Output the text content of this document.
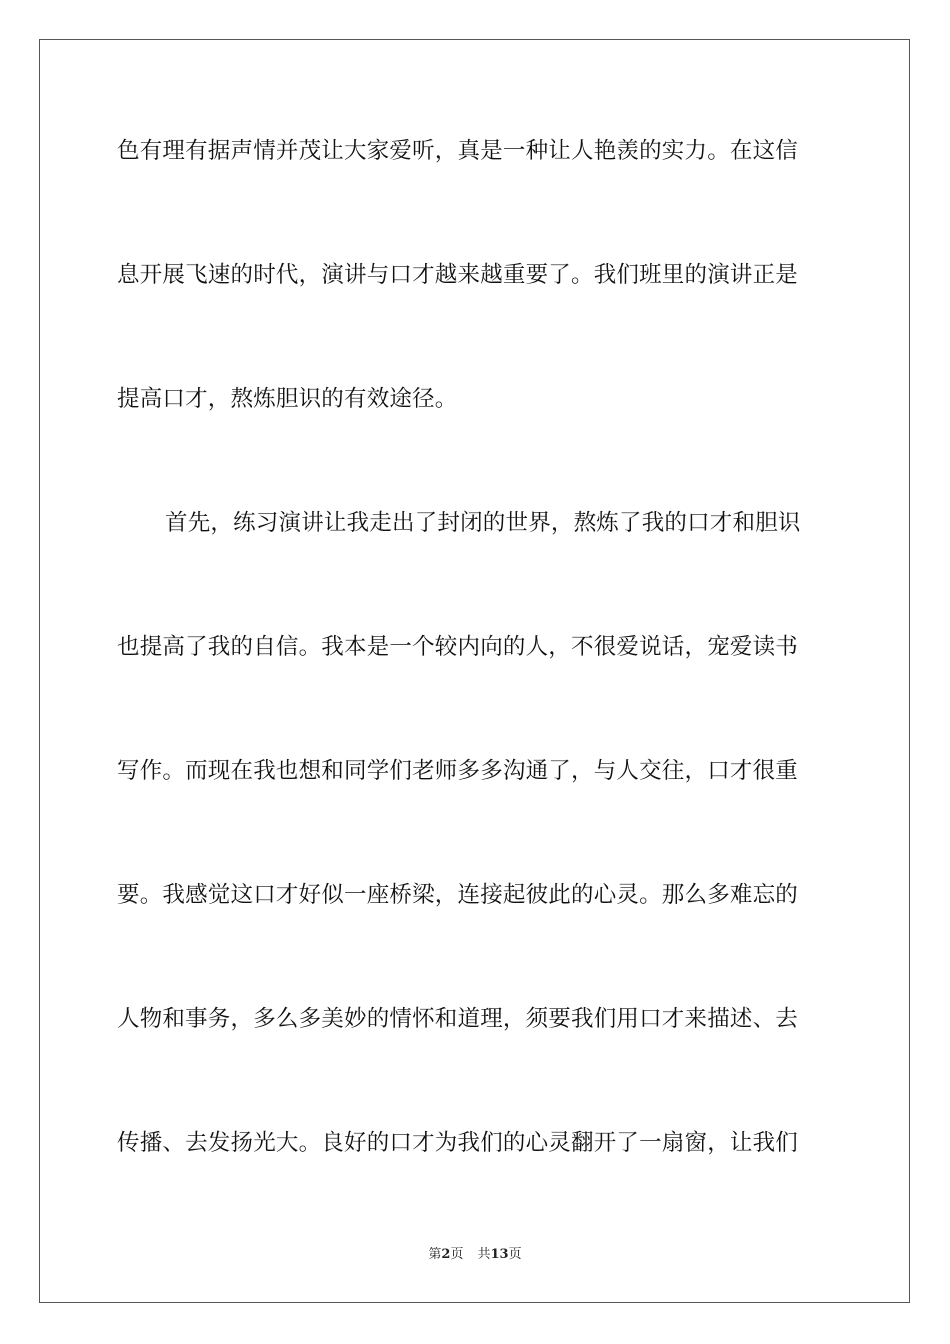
色有理有据声情并茂让大家爱听，真是一种让人艳羡的实力。在这信
息开展飞速的时代，演讲与口才越来越重要了。我们班里的演讲正是
提高口才，熬炼胆识的有效途径。
首先，练习演讲让我走出了封闭的世界，熬炼了我的口才和胆识
也提高了我的自信。我本是一个较内向的人，不很爱说话，宠爱读书
写作。而现在我也想和同学们老师多多沟通了，与人交往，口才很重
要。我感觉这口才好似一座桥梁，连接起彼此的心灵。那么多难忘的
人物和事务，多么多美妙的情怀和道理，须要我们用口才来描述、去
传播、去发扬光大。良好的口才为我们的心灵翻开了一扇窗，让我们
第2页 共13页
